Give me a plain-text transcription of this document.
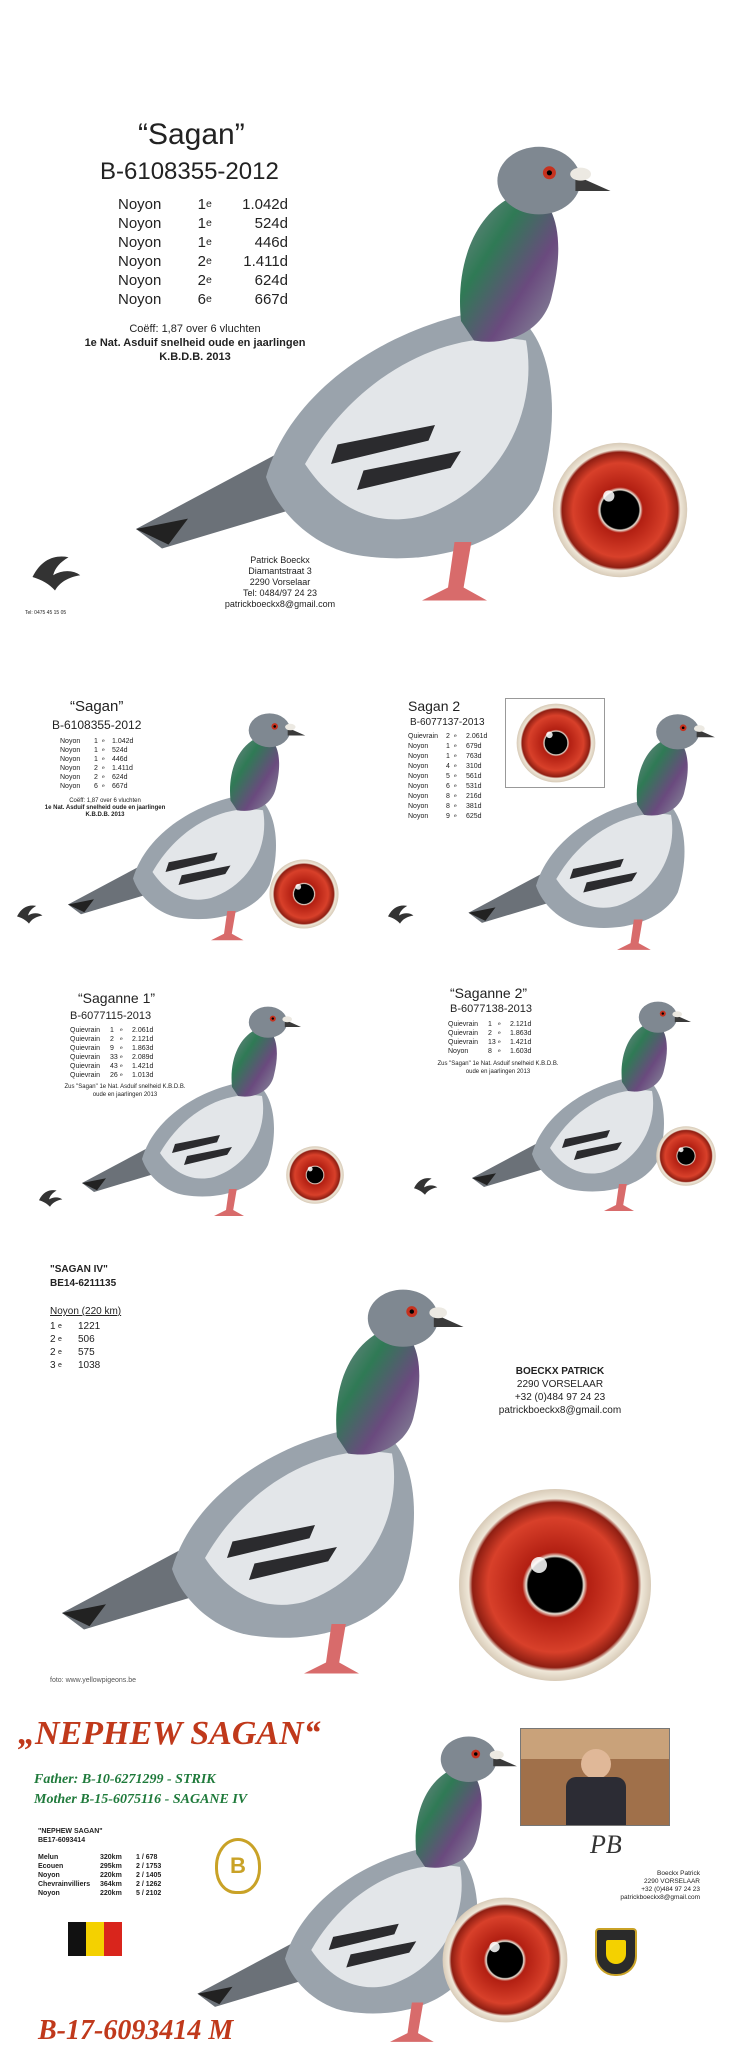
“Sagan”
B-6108355-2012
Noyon	1 e	1.042d
Noyon	1 e	524d
Noyon	1 e	446d
Noyon	2 e	1.411d
Noyon	2 e	624d
Noyon	6 e	667d
Coëff: 1,87 over 6 vluchten
1e Nat. Asduif snelheid oude en jaarlingen
K.B.D.B. 2013
Patrick Boeckx
Diamantstraat 3
2290 Vorselaar
Tel: 0484/97 24 23
patrickboeckx8@gmail.com
Tel: 0475 45 15 05
“Sagan”
B-6108355-2012
Noyon	1 e	1.042d
Noyon	1 e	524d
Noyon	1 e	446d
Noyon	2 e	1.411d
Noyon	2 e	624d
Noyon	6 e	667d
Coëff: 1,87 over 6 vluchten
1e Nat. Asduif snelheid oude en jaarlingen
K.B.D.B. 2013
Sagan 2
B-6077137-2013
Quievrain	2 e	2.061d
Noyon	1 e	679d
Noyon	1 e	763d
Noyon	4 e	310d
Noyon	5 e	561d
Noyon	6 e	531d
Noyon	8 e	216d
Noyon	8 e	381d
Noyon	9 e	625d
“Saganne 1”
B-6077115-2013
Quievrain	1	e	2.061d
Quievrain	2	e	2.121d
Quievrain	9	e	1.863d
Quievrain	33 e	2.089d
Quievrain	43 e	1.421d
Quievrain	26 e	1.013d
Zus "Sagan" 1e Nat. Asduif snelheid K.B.D.B.
oude en jaarlingen 2013
“Saganne 2”
B-6077138-2013
Quievrain	1	e	2.121d
Quievrain	2	e	1.863d
Quievrain	13 e	1.421d
Noyon	8	e	1.603d
Zus "Sagan" 1e Nat. Asduif snelheid K.B.D.B.
oude en jaarlingen 2013
"SAGAN IV"
BE14-6211135
Noyon (220 km)
1 e	1221
2 e	506
2 e	575
3 e	1038
BOECKX PATRICK
2290 VORSELAAR
+32 (0)484 97 24 23
patrickboeckx8@gmail.com
foto: www.yellowpigeons.be
„NEPHEW SAGAN“
Father: B-10-6271299 - STRIK
Mother B-15-6075116 - SAGANE IV
"NEPHEW SAGAN"
BE17-6093414
Melun	320km	1 / 678
Ecouen	295km	2 / 1753
Noyon	220km	2 / 1405
Chevrainvilliers	364km	2 / 1262
Noyon	220km	5 / 2102
B
PB
Boeckx Patrick
2290 VORSELAAR
+32 (0)484 97 24 23
patrickboeckx8@gmail.com
B-17-6093414 M
